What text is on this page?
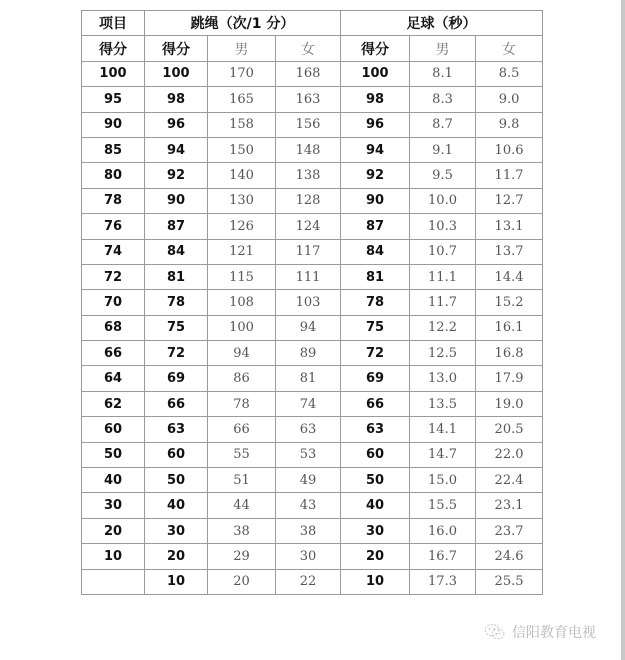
项目	跳绳（次/1 分）			足球（秒）		
得分	得分	男	女	得分	男	女
100	100	170	168	100	8.1	8.5
95	98	165	163	98	8.3	9.0
90	96	158	156	96	8.7	9.8
85	94	150	148	94	9.1	10.6
80	92	140	138	92	9.5	11.7
78	90	130	128	90	10.0	12.7
76	87	126	124	87	10.3	13.1
74	84	121	117	84	10.7	13.7
72	81	115	111	81	11.1	14.4
70	78	108	103	78	11.7	15.2
68	75	100	94	75	12.2	16.1
66	72	94	89	72	12.5	16.8
64	69	86	81	69	13.0	17.9
62	66	78	74	66	13.5	19.0
60	63	66	63	63	14.1	20.5
50	60	55	53	60	14.7	22.0
40	50	51	49	50	15.0	22.4
30	40	44	43	40	15.5	23.1
20	30	38	38	30	16.0	23.7
10	20	29	30	20	16.7	24.6
	10	20	22	10	17.3	25.5
信阳教育电视
